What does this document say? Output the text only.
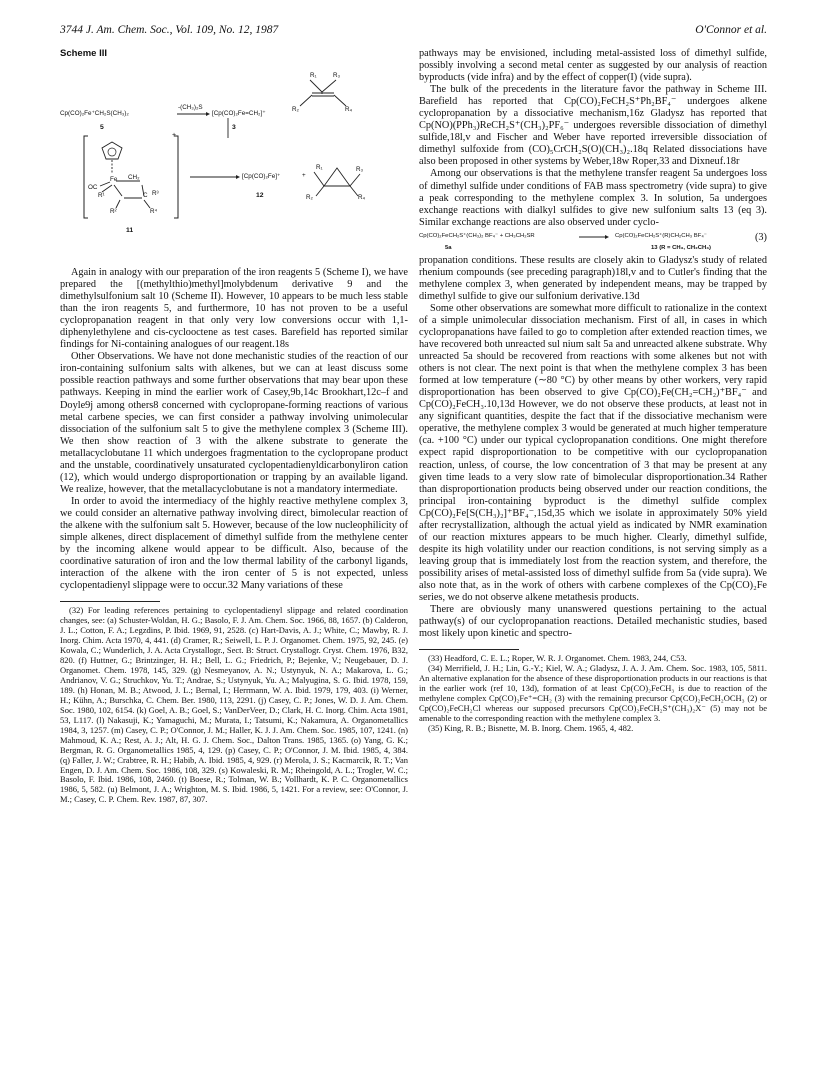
3744 J. Am. Chem. Soc., Vol. 109, No. 12, 1987	O'Connor et al.
Scheme III
R₁	R₃
R₂	R₄
-(CH₃)₂S
Cp(CO)₂Fe⁺CH₂S(CH₃)₂	[Cp(CO)₂Fe=CH₂]⁺
5	3
+
Fe CH₂
OC
R¹	C R³
R²	R⁴
[Cp(CO)₂Fe]⁺	+
R₁	R₃
R₂	R₄
11
12

Again in analogy with our preparation of the iron reagents 5 (Scheme I), we have prepared the [(methylthio)methyl]molybdenum derivative 9 and the dimethylsulfonium salt 10 (Scheme II). However, 10 appears to be much less stable than the iron reagents 5, and furthermore, 10 has not proven to be a useful cyclopropanation reagent in that only very low conversions occur with 1,1-diphenylethylene and cis-cyclooctene as test cases. Barefield has reported similar findings for Ni-containing analogues of our reagent.18s

Other Observations. We have not done mechanistic studies of the reaction of our iron-containing sulfonium salts with alkenes, but we can at least discuss some possible reaction pathways and some further observations that may bear upon these pathways. Keeping in mind the earlier work of Casey,9b,14c Brookhart,12c–f and Doyle9j among others8 concerned with cyclopropane-forming reactions of various metal carbene species, we can first consider a pathway involving unimolecular dissociation of the sulfonium salt 5 to give the methylene complex 3 (Scheme III). We then show reaction of 3 with the alkene substrate to generate the metallacyclobutane 11 which undergoes fragmentation to the cyclopropane product and the unstable, coordinatively unsaturated cyclopentadienyldicarbonyliron cation (12), which would undergo disproportionation or trapping by an available ligand. We realize, however, that the metallacyclobutane is not a mandatory intermediate.

In order to avoid the intermediacy of the highly reactive methylene complex 3, we could consider an alternative pathway involving direct, bimolecular reaction of the alkene with the sulfonium salt 5. However, because of the low nucleophilicity of simple alkenes, direct displacement of dimethyl sulfide from the methylene center by the incoming alkene would appear to be difficult. Also, because of the coordinative saturation of iron and the low thermal lability of the carbonyl ligands, interaction of the alkene with the iron center of 5 is not expected, unless cyclopentadienyl slippage were to occur.32 Many variations of these

(32) For leading references pertaining to cyclopentadienyl slippage and related coordination changes, see: (a) Schuster-Woldan, H. G.; Basolo, F. J. Am. Chem. Soc. 1966, 88, 1657. (b) Calderon, J. L.; Cotton, F. A.; Legzdins, P. Ibid. 1969, 91, 2528. (c) Hart-Davis, A. J.; White, C.; Mawby, R. J. Inorg. Chim. Acta 1970, 4, 441. (d) Cramer, R.; Seiwell, L. P. J. Organomet. Chem. 1975, 92, 245. (e) Kowala, C.; Wunderlich, J. A. Acta Crystallogr., Sect. B: Struct. Crystallogr. Cryst. Chem. 1976, B32, 820. (f) Huttner, G.; Brintzinger, H. H.; Bell, L. G.; Friedrich, P.; Bejenke, V.; Neugebauer, D. J. Organomet. Chem. 1978, 145, 329. (g) Nesmeyanov, A. N.; Ustynyuk, N. A.; Makarova, L. G.; Andrianov, V. G.; Struchkov, Yu. T.; Andrae, S.; Ustynyuk, Yu. A.; Malyugina, S. G. Ibid. 1978, 159, 189. (h) Honan, M. B.; Atwood, J. L.; Bernal, I.; Herrmann, W. A. Ibid. 1979, 179, 403. (i) Werner, H.; Kühn, A.; Burschka, C. Chem. Ber. 1980, 113, 2291. (j) Casey, C. P.; Jones, W. D. J. Am. Chem. Soc. 1980, 102, 6154. (k) Goel, A. B.; Goel, S.; VanDerVeer, D.; Clark, H. C. Inorg. Chim. Acta 1981, 53, L117. (l) Nakasuji, K.; Yamaguchi, M.; Murata, I.; Tatsumi, K.; Nakamura, A. Organometallics 1984, 3, 1257. (m) Casey, C. P.; O'Connor, J. M.; Haller, K. J. J. Am. Chem. Soc. 1985, 107, 1241. (n) Mahmoud, K. A.; Rest, A. J.; Alt, H. G. J. Chem. Soc., Dalton Trans. 1985, 1365. (o) Yang, G. K.; Bergman, R. G. Organometallics 1985, 4, 129. (p) Casey, C. P.; O'Connor, J. M. Ibid. 1985, 4, 384. (q) Faller, J. W.; Crabtree, R. H.; Habib, A. Ibid. 1985, 4, 929. (r) Merola, J. S.; Kacmarcik, R. T.; Van Engen, D. J. Am. Chem. Soc. 1986, 108, 329. (s) Kowaleski, R. M.; Rheingold, A. L.; Trogler, W. C.; Basolo, F. Ibid. 1986, 108, 2460. (t) Boese, R.; Tolman, W. B.; Vollhardt, K. P. C. Organometallics 1986, 5, 582. (u) Belmont, J. A.; Wrighton, M. S. Ibid. 1986, 5, 1421. For a review, see: O'Connor, J. M.; Casey, C. P. Chem. Rev. 1987, 87, 307.

pathways may be envisioned, including metal-assisted loss of dimethyl sulfide, possibly involving a second metal center as suggested by our analysis of reaction byproducts (vide infra) and by the effect of copper(I) (vide supra).

The bulk of the precedents in the literature favor the pathway in Scheme III. Barefield has reported that Cp(CO)₂FeCH₂S⁺Ph₂BF₄⁻ undergoes alkene cyclopropanation by a dissociative mechanism,16z Gladysz has reported that Cp(NO)(PPh₃)ReCH₂S⁺(CH₃)₂PF₆⁻ undergoes reversible dissociation of dimethyl sulfide,18l,v and Fischer and Weber have reported irreversible dissociation of dimethyl sulfoxide from (CO)₅CrCH₂S(O)(CH₃)₂.18q Related dissociations have also been proposed in other systems by Weber,18w Roper,33 and Dixneuf.18r

Among our observations is that the methylene transfer reagent 5a undergoes loss of dimethyl sulfide under conditions of FAB mass spectrometry (vide supra) to give a peak corresponding to the methylene complex 3. In solution, 5a undergoes exchange reactions with dialkyl sulfides to give new sulfonium salts 13 (eq 3). Similar exchange reactions are also observed under cyclo-

Cp(CO)₂FeCH₂S⁺(CH₃)₂ BF₄⁻ + CH₃CH₂SR	Cp(CO)₂FeCH₂S⁺(R)CH₂CH₃ BF₄⁻	(3)
5a	13 (R = CH₃, CH₂CH₃)

propanation conditions. These results are closely akin to Gladysz's study of related rhenium compounds (see preceding paragraph)18l,v and to Cutler's finding that the methylene complex 3, when generated by independent means, may be trapped by dimethyl sulfide to give our sulfonium derivative.13d

Some other observations are somewhat more difficult to rationalize in the context of a simple unimolecular dissociation mechanism. First of all, in cases in which cyclopropanations have failed to go to completion after extended reaction times, we have recovered both unreacted sul nium salt 5a and unreacted alkene substrate. Why unreacted 5a should be recovered from reactions with some alkenes but not with others is not clear. The next point is that when the methylene complex 3 has been formed at low temperature (∼80 °C) by other means by other workers, very rapid disproportionation has been observed to give Cp(CO)₂Fe(CH₂=CH₂)⁺BF₄⁻ and Cp(CO)₂FeCH₃.10,13d However, we do not observe these products, at least not in any significant quantities, despite the fact that if the dissociative mechanism were operative, the methylene complex 3 would be generated at much higher temperature (ca. +100 °C) under our typical cyclopropanation conditions. One might therefore expect rapid disproportionation to be competitive with our cyclopropanation reaction, unless, of course, the low concentration of 3 that may be present at any given time leads to a very slow rate of bimolecular disproportionation.34 Rather than disproportionation products being observed under our reaction conditions, the principal iron-containing byproduct is the dimethyl sulfide complex Cp(CO)₂Fe[S(CH₃)₂]⁺BF₄⁻,15d,35 which we isolate in approximately 50% yield after recrystallization, although the actual yield as indicated by NMR examination of our reaction mixtures appears to be much higher. Clearly, dimethyl sulfide, despite its high volatility under our reaction conditions, is not serving simply as a leaving group that is immediately lost from the reaction system, and therefore, the possibility arises of metal-assisted loss of dimethyl sulfide from 5a (vide supra). We also note that, as in the work of others with carbene complexes of the Cp(CO)₂Fe series, we do not observe alkene metathesis products.

There are obviously many unanswered questions pertaining to the actual pathway(s) of our cyclopropanation reactions. Detailed mechanistic studies, based most likely upon kinetic and spectro-

(33) Headford, C. E. L.; Roper, W. R. J. Organomet. Chem. 1983, 244, C53.

(34) Merrifield, J. H.; Lin, G.-Y.; Kiel, W. A.; Gladysz, J. A. J. Am. Chem. Soc. 1983, 105, 5811. An alternative explanation for the absence of these disproportionation products in our reactions is that in the earlier work (ref 10, 13d), formation of at least Cp(CO)₂FeCH₃ is due to reaction of the methylene complex Cp(CO)₂Fe⁺=CH₂ (3) with the remaining precursor Cp(CO)₂FeCH₂OCH₃ (2) or Cp(CO)₂FeCH₂Cl whereas our supposed precursors Cp(CO)₂FeCH₂S⁺(CH₃)₂X⁻ (5) may not be amenable to the corresponding reaction with the methylene complex 3.

(35) King, R. B.; Bisnette, M. B. Inorg. Chem. 1965, 4, 482.
